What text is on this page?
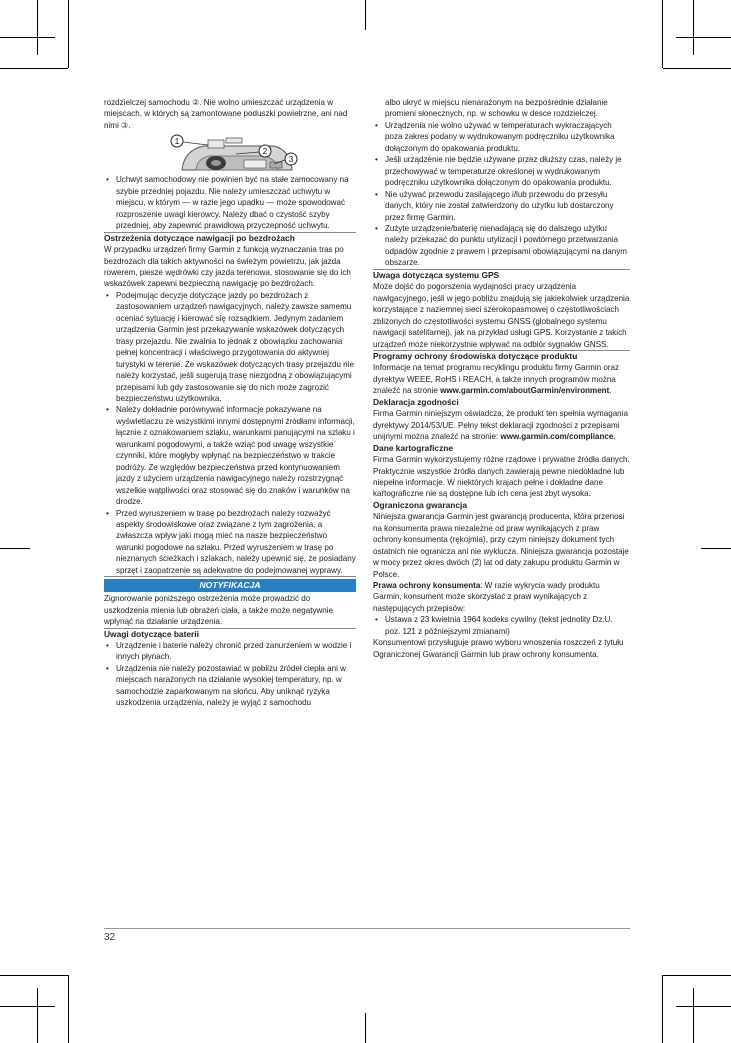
rozdzielczej samochodu ②. Nie wolno umieszczać urządzenia w miejscach, w których są zamontowane poduszki powietrzne, ani nad nimi ③.

1
2
3
• Uchwyt samochodowy nie powinien być na stałe zamocowany na szybie przedniej pojazdu. Nie należy umieszczać uchwytu w miejscu, w którym — w razie jego upadku — może spowodować rozproszenie uwagi kierowcy. Należy dbać o czystość szyby przedniej, aby zapewnić prawidłową przyczepność uchwytu.
Ostrzeżenia dotyczące nawigacji po bezdrożach

W przypadku urządzeń firmy Garmin z funkcją wyznaczania tras po bezdrożach dla takich aktywności na świeżym powietrzu, jak jazda rowerem, piesze wędrówki czy jazda terenowa, stosowanie się do ich wskazówek zapewni bezpieczną nawigację po bezdrożach.

• Podejmując decyzje dotyczące jazdy po bezdrożach z zastosowaniem urządzeń nawigacyjnych, należy zawsze samemu oceniać sytuację i kierować się rozsądkiem. Jedynym zadaniem urządzenia Garmin jest przekazywanie wskazówek dotyczących trasy przejazdu. Nie zwalnia to jednak z obowiązku zachowania pełnej koncentracji i właściwego przygotowania do aktywnej turystyki w terenie. Ze wskazówek dotyczących trasy przejazdu nie należy korzystać, jeśli sugerują trasę niezgodną z obowiązującymi przepisami lub gdy zastosowanie się do nich może zagrozić bezpieczeństwu użytkownika.
• Należy dokładnie porównywać informacje pokazywane na wyświetlaczu ze wszystkimi innymi dostępnymi źródłami informacji, łącznie z oznakowaniem szlaku, warunkami panującymi na szlaku i warunkami pogodowymi, a także wziąć pod uwagę wszystkie czynniki, które mogłyby wpłynąć na bezpieczeństwo w trakcie podróży. Ze względów bezpieczeństwa przed kontynuowaniem jazdy z użyciem urządzenia nawigacyjnego należy rozstrzygnąć wszelkie wątpliwości oraz stosować się do znaków i warunków na drodze.
• Przed wyruszeniem w trasę po bezdrożach należy rozważyć aspekty środowiskowe oraz związane z tym zagrożenia, a zwłaszcza wpływ jaki mogą mieć na nasze bezpieczeństwo warunki pogodowe na szlaku. Przed wyruszeniem w trasę po nieznanych ścieżkach i szlakach, należy upewnić się, że posiadany sprzęt i zaopatrzenie są adekwatne do podejmowanej wyprawy.
NOTYFIKACJA

Zignorowanie poniższego ostrzeżenia może prowadzić do uszkodzenia mienia lub obrażeń ciała, a także może negatywnie wpłynąć na działanie urządzenia.

Uwagi dotyczące baterii
• Urządzenie i baterie należy chronić przed zanurzeniem w wodzie i innych płynach.
• Urządzenia nie należy pozostawiać w pobliżu źródeł ciepła ani w miejscach narażonych na działanie wysokiej temperatury, np. w samochodzie zaparkowanym na słońcu. Aby uniknąć ryzyka uszkodzenia urządzenia, należy je wyjąć z samochodu

albo ukryć w miejscu nienarażonym na bezpośrednie działanie promieni słonecznych, np. w schowku w desce rozdzielczej.

• Urządzenia nie wolno używać w temperaturach wykraczających poza zakres podany w wydrukowanym podręczniku użytkownika dołączonym do opakowania produktu.
• Jeśli urządzenie nie będzie używane przez dłuższy czas, należy je przechowywać w temperaturze określonej w wydrukowanym podręczniku użytkownika dołączonym do opakowania produktu.
• Nie używać przewodu zasilającego i/lub przewodu do przesyłu danych, który nie został zatwierdzony do użytku lub dostarczony przez firmę Garmin.
• Zużyte urządzenie/baterię nienadającą się do dalszego użytku należy przekazać do punktu utylizacji i powtórnego przetwarzania odpadów zgodnie z prawem i przepisami obowiązującymi na danym obszarze.
Uwaga dotycząca systemu GPS

Może dojść do pogorszenia wydajności pracy urządzenia nawigacyjnego, jeśli w jego pobliżu znajdują się jakiekolwiek urządzenia korzystające z naziemnej sieci szerokopasmowej o częstotliwościach zbliżonych do częstotliwości systemu GNSS (globalnego systemu nawigacji satelitarnej), jak na przykład usługi GPS. Korzystanie z takich urządzeń może niekorzystnie wpływać na odbiór sygnałów GNSS.

Programy ochrony środowiska dotyczące produktu

Informacje na temat programu recyklingu produktu firmy Garmin oraz dyrektyw WEEE, RoHS i REACH, a także innych programów można znaleźć na stronie www.garmin.com/aboutGarmin/environment.

Deklaracja zgodności

Firma Garmin niniejszym oświadcza, że produkt ten spełnia wymagania dyrektywy 2014/53/UE. Pełny tekst deklaracji zgodności z przepisami unijnymi można znaleźć na stronie: www.garmin.com/compliance.

Dane kartograficzne

Firma Garmin wykorzystujemy różne rządowe i prywatne źródła danych. Praktycznie wszystkie źródła danych zawierają pewne niedokładne lub niepełne informacje. W niektórych krajach pełne i dokładne dane kartograficzne nie są dostępne lub ich cena jest zbyt wysoka.

Ograniczona gwarancja

Niniejsza gwarancja Garmin jest gwarancją producenta, która przenosi na konsumenta prawa niezależne od praw wynikających z praw ochrony konsumenta (rękojmia), przy czym niniejszy dokument tych ostatnich nie ogranicza ani nie wyklucza. Niniejsza gwarancja pozostaje w mocy przez okres dwóch (2) lat od daty zakupu produktu Garmin w Polsce.

Prawa ochrony konsumenta: W razie wykrycia wady produktu Garmin, konsument może skorzystać z praw wynikających z następujących przepisów:

• Ustawa z 23 kwietnia 1964 kodeks cywilny (tekst jednolity Dz.U. poz. 121 z późniejszymi zmianami)

Konsumentowi przysługuje prawo wyboru wnoszenia roszczeń z tytułu Ograniczonej Gwarancji Garmin lub praw ochrony konsumenta.

32
